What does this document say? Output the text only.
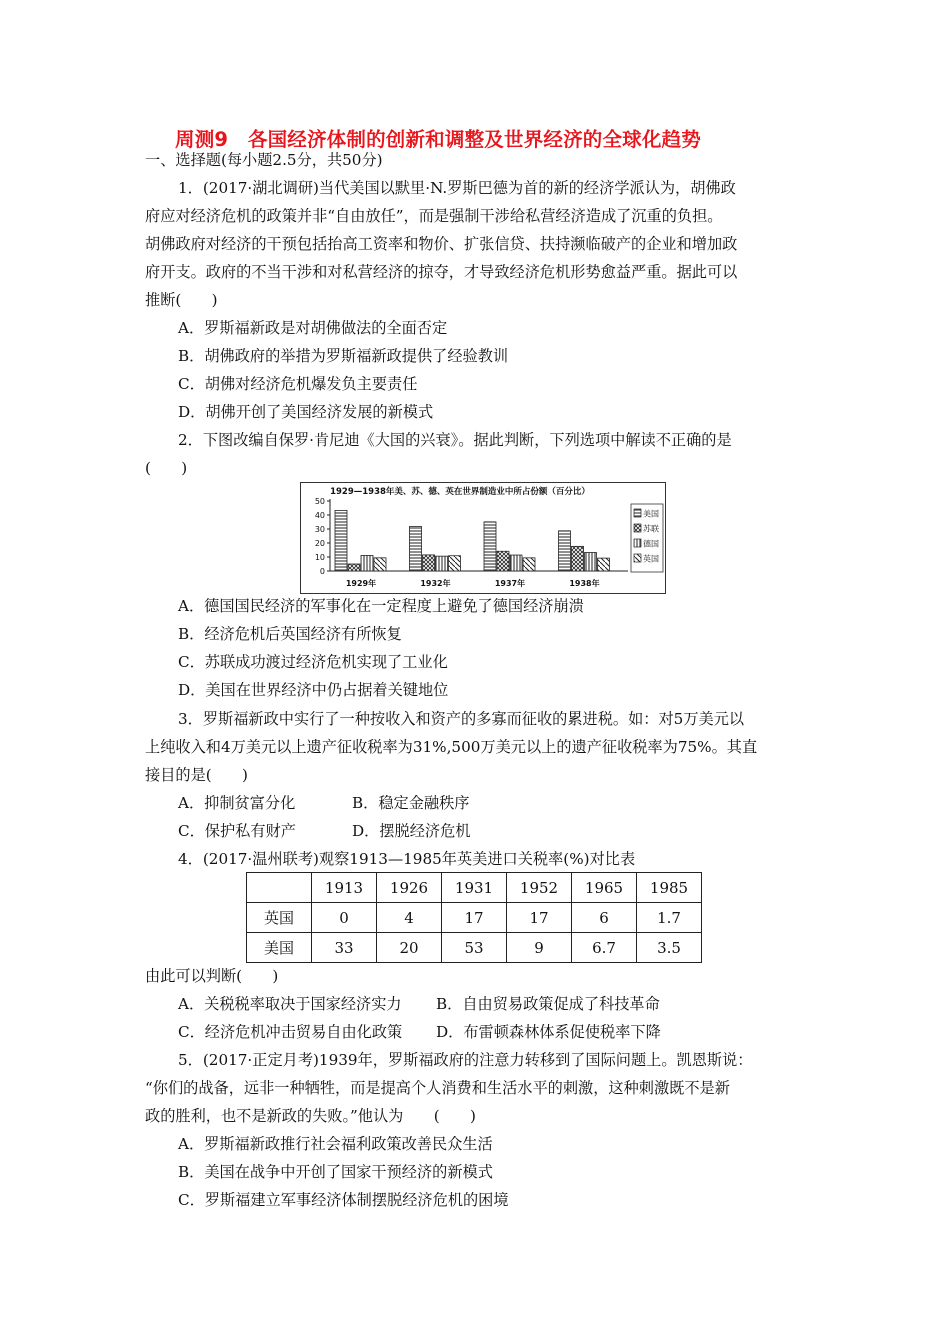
周测9　各国经济体制的创新和调整及世界经济的全球化趋势
一、选择题(每小题2.5分，共50分)
1．(2017·湖北调研)当代美国以默里·N.罗斯巴德为首的新的经济学派认为，胡佛政
府应对经济危机的政策并非“自由放任”，而是强制干涉给私营经济造成了沉重的负担。
胡佛政府对经济的干预包括抬高工资率和物价、扩张信贷、扶持濒临破产的企业和增加政
府开支。政府的不当干涉和对私营经济的掠夺，才导致经济危机形势愈益严重。据此可以
推断(　　)
A．罗斯福新政是对胡佛做法的全面否定
B．胡佛政府的举措为罗斯福新政提供了经验教训
C．胡佛对经济危机爆发负主要责任
D．胡佛开创了美国经济发展的新模式
2．下图改编自保罗·肯尼迪《大国的兴衰》。据此判断，下列选项中解读不正确的是
(　　)
1929—1938年美、苏、德、英在世界制造业中所占份额（百分比）
0
10
20
30
40
50
1929年	1932年	1937年	1938年
美国
苏联
德国
英国
A．德国国民经济的军事化在一定程度上避免了德国经济崩溃
B．经济危机后英国经济有所恢复
C．苏联成功渡过经济危机实现了工业化
D．美国在世界经济中仍占据着关键地位
3．罗斯福新政中实行了一种按收入和资产的多寡而征收的累进税。如：对5万美元以
上纯收入和4万美元以上遗产征收税率为31%,500万美元以上的遗产征收税率为75%。其直
接目的是(　　)
A．抑制贫富分化	B．稳定金融秩序
C．保护私有财产	D．摆脱经济危机
4．(2017·温州联考)观察1913—1985年英美进口关税率(%)对比表
	1913	1926	1931	1952	1965	1985
英国	0	4	17	17	6	1.7
美国	33	20	53	9	6.7	3.5
由此可以判断(　　)
A．关税税率取决于国家经济实力 B．自由贸易政策促成了科技革命
C．经济危机冲击贸易自由化政策 D．布雷顿森林体系促使税率下降
5．(2017·正定月考)1939年，罗斯福政府的注意力转移到了国际问题上。凯恩斯说：
“你们的战备，远非一种牺牲，而是提高个人消费和生活水平的刺激，这种刺激既不是新
政的胜利，也不是新政的失败。”他认为　　(　　)
A．罗斯福新政推行社会福利政策改善民众生活
B．美国在战争中开创了国家干预经济的新模式
C．罗斯福建立军事经济体制摆脱经济危机的困境
